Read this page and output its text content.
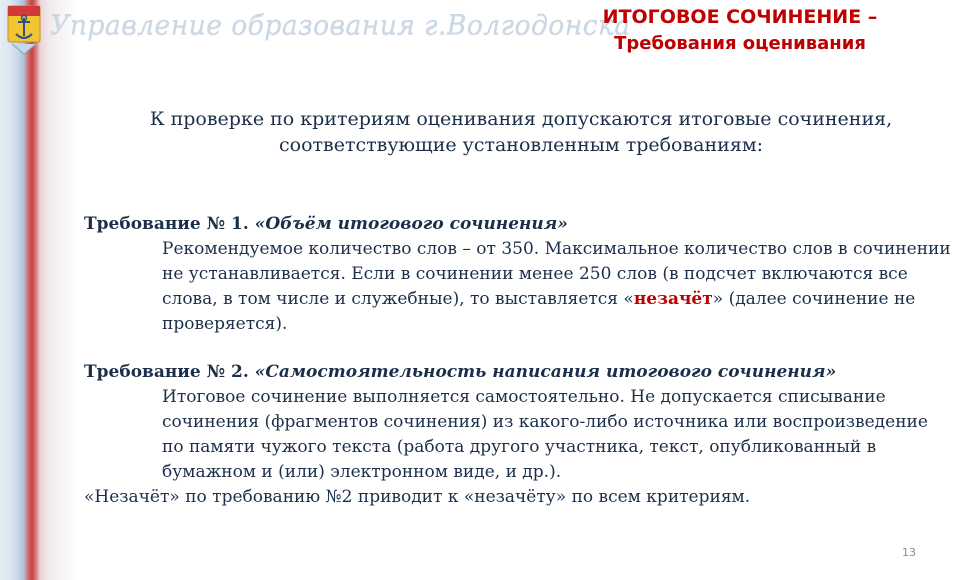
Управление образования г.Волгодонска
ИТОГОВОЕ СОЧИНЕНИЕ –
Требования оценивания
К проверке по критериям оценивания допускаются итоговые сочинения, соответствующие установленным требованиям:
Требование № 1. «Объём итогового сочинения»
Рекомендуемое количество слов – от 350. Максимальное количество слов в сочинении не устанавливается. Если в сочинении менее 250 слов (в подсчет включаются все слова, в том числе и служебные), то выставляется «незачёт» (далее сочинение не проверяется).
Требование № 2. «Самостоятельность написания итогового сочинения»
Итоговое сочинение выполняется самостоятельно. Не допускается списывание сочинения (фрагментов сочинения) из какого-либо источника или воспроизведение по памяти чужого текста (работа другого участника, текст, опубликованный в бумажном и (или) электронном виде, и др.).
«Незачёт» по требованию №2 приводит к «незачёту» по всем критериям.
13
